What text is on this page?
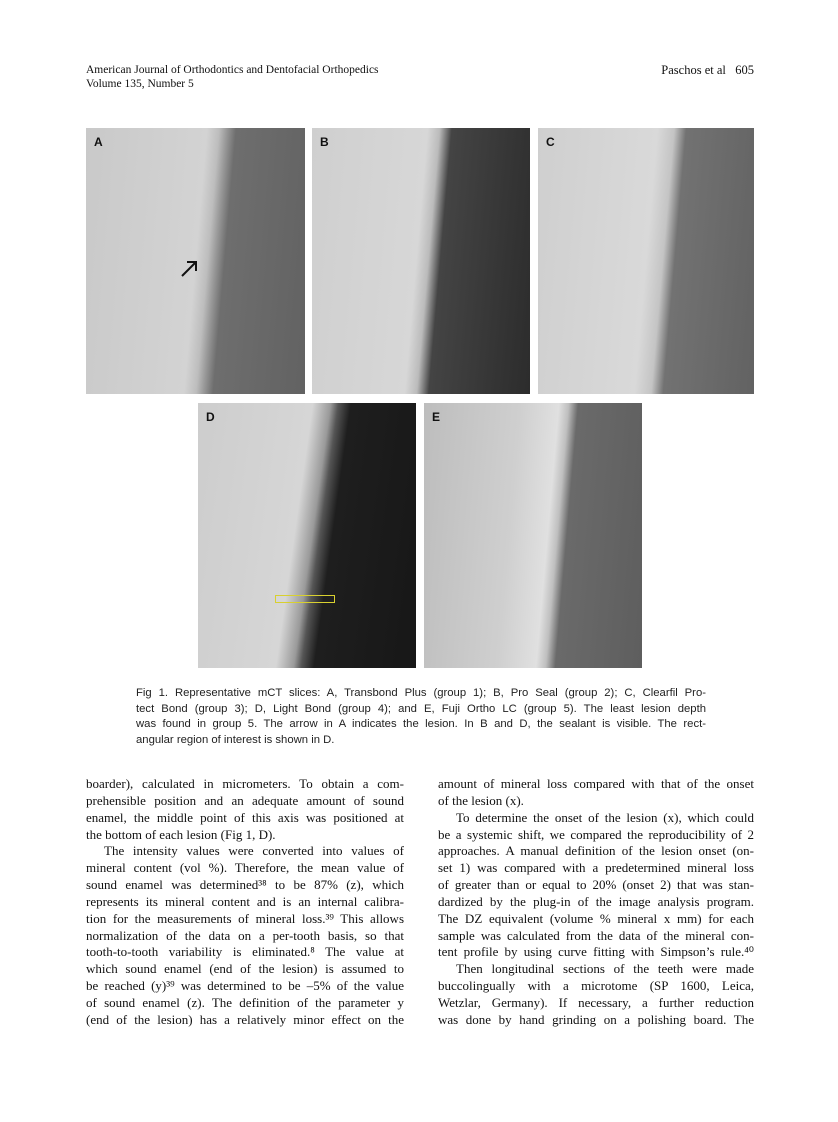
American Journal of Orthodontics and Dentofacial Orthopedics
Volume 135, Number 5
Paschos et al 605
A	B	C
D	E
Fig 1. Representative mCT slices: A, Transbond Plus (group 1); B, Pro Seal (group 2); C, Clearfil Pro-
tect Bond (group 3); D, Light Bond (group 4); and E, Fuji Ortho LC (group 5). The least lesion depth
was found in group 5. The arrow in A indicates the lesion. In B and D, the sealant is visible. The rect-
angular region of interest is shown in D.
boarder), calculated in micrometers. To obtain a com-
prehensible position and an adequate amount of sound
enamel, the middle point of this axis was positioned at
the bottom of each lesion (Fig 1, D).
The intensity values were converted into values of
mineral content (vol %). Therefore, the mean value of
sound enamel was determined³⁸ to be 87% (z), which
represents its mineral content and is an internal calibra-
tion for the measurements of mineral loss.³⁹ This allows
normalization of the data on a per-tooth basis, so that
tooth-to-tooth variability is eliminated.⁸ The value at
which sound enamel (end of the lesion) is assumed to
be reached (y)³⁹ was determined to be –5% of the value
of sound enamel (z). The definition of the parameter y
(end of the lesion) has a relatively minor effect on the
amount of mineral loss compared with that of the onset
of the lesion (x).
To determine the onset of the lesion (x), which could
be a systemic shift, we compared the reproducibility of 2
approaches. A manual definition of the lesion onset (on-
set 1) was compared with a predetermined mineral loss
of greater than or equal to 20% (onset 2) that was stan-
dardized by the plug-in of the image analysis program.
The DZ equivalent (volume % mineral x mm) for each
sample was calculated from the data of the mineral con-
tent profile by using curve fitting with Simpson’s rule.⁴⁰
Then longitudinal sections of the teeth were made
buccolingually with a microtome (SP 1600, Leica,
Wetzlar, Germany). If necessary, a further reduction
was done by hand grinding on a polishing board. The
